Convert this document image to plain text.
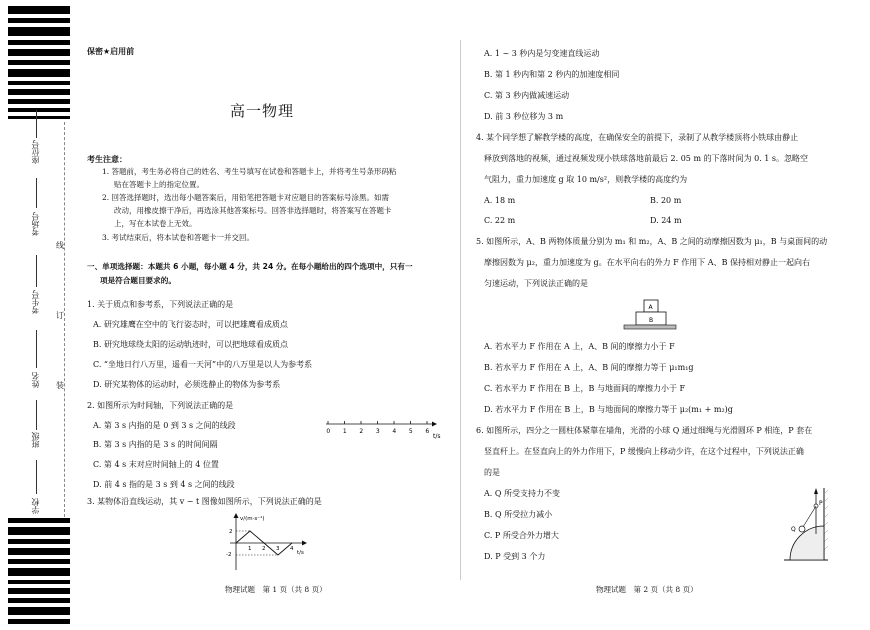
座位号
考场号
考生号
姓名
班级
学校
线
订
装
保密★启用前
高一物理
考生注意：
1. 答题前，考生务必将自己的姓名、考生号填写在试卷和答题卡上，并将考生号条形码粘
贴在答题卡上的指定位置。
2. 回答选择题时，选出每小题答案后，用铅笔把答题卡对应题目的答案标号涂黑。如需
改动，用橡皮擦干净后，再选涂其他答案标号。回答非选择题时，将答案写在答题卡
上，写在本试卷上无效。
3. 考试结束后，将本试卷和答题卡一并交回。
一、单项选择题：本题共 6 小题，每小题 4 分，共 24 分。在每小题给出的四个选项中，只有一
项是符合题目要求的。
1. 关于质点和参考系，下列说法正确的是
A. 研究雄鹰在空中的飞行姿态时，可以把雄鹰看成质点
B. 研究地球绕太阳的运动轨迹时，可以把地球看成质点
C. “坐地日行八万里，遥看一天河”中的八万里是以人为参考系
D. 研究某物体的运动时，必须选静止的物体为参考系
2. 如图所示为时间轴，下列说法正确的是
A. 第 3 s 内指的是 0 到 3 s 之间的线段
B. 第 3 s 内指的是 3 s 的时间间隔
C. 第 4 s 末对应时间轴上的 4 位置
D. 前 4 s 指的是 3 s 到 4 s 之间的线段
0 1 2 3 4 5 6
t/s
3. 某物体沿直线运动，其 v − t 图像如图所示，下列说法正确的是
v/(m·s⁻¹)
t/s
2
-2
1 2 3 4
物理试题　第 1 页（共 8 页）
A. 1 ~ 3 秒内是匀变速直线运动
B. 第 1 秒内和第 2 秒内的加速度相同
C. 第 3 秒内做减速运动
D. 前 3 秒位移为 3 m
4. 某个同学想了解教学楼的高度，在确保安全的前提下，录制了从教学楼顶将小铁球由静止
释放到落地的视频，通过视频发现小铁球落地前最后 2. 05 m 的下落时间为 0. 1 s。忽略空
气阻力，重力加速度 g 取 10 m/s²，则教学楼的高度约为
A. 18 m	B. 20 m
C. 22 m	D. 24 m
5. 如图所示，A、B 两物体质量分别为 m₁ 和 m₂，A、B 之间的动摩擦因数为 μ₁，B 与桌面间的动
摩擦因数为 μ₂，重力加速度为 g。在水平向右的外力 F 作用下 A、B 保持相对静止一起向右
匀速运动，下列说法正确的是
A
B
A. 若水平力 F 作用在 A 上，A、B 间的摩擦力小于 F
B. 若水平力 F 作用在 A 上，A、B 间的摩擦力等于 μ₁m₁g
C. 若水平力 F 作用在 B 上，B 与地面间的摩擦力小于 F
D. 若水平力 F 作用在 B 上，B 与地面间的摩擦力等于 μ₂(m₁ + m₂)g
6. 如图所示，四分之一圆柱体紧靠在墙角，光滑的小球 Q 通过细绳与光滑圆环 P 相连，P 套在
竖直杆上。在竖直向上的外力作用下，P 缓慢向上移动少许，在这个过程中，下列说法正确
的是
A. Q 所受支持力不变
B. Q 所受拉力减小
C. P 所受合外力增大
D. P 受到 3 个力
P
Q
物理试题　第 2 页（共 8 页）
